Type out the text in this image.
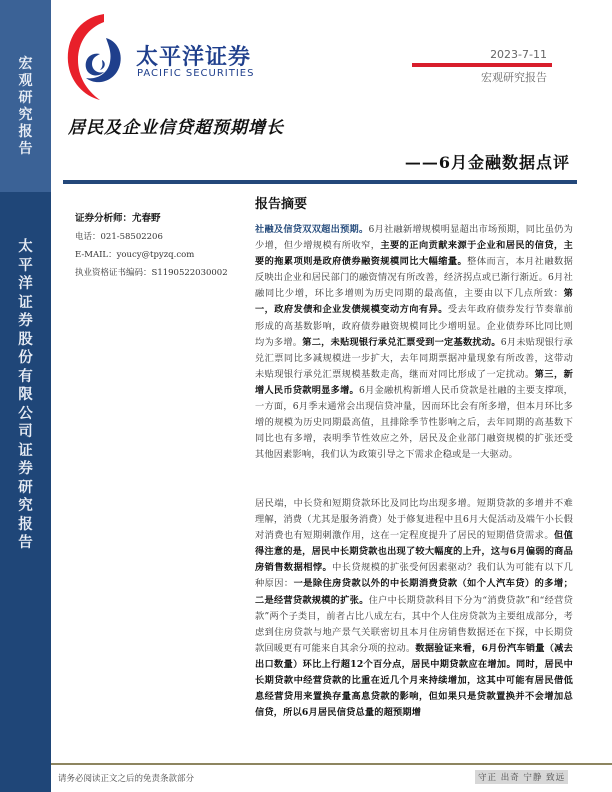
宏
观
研
究
报
告
太
平
洋
证
券
股
份
有
限
公
司
证
券
研
究
报
告
太平洋证券
PACIFIC SECURITIES
2023-7-11
宏观研究报告
居民及企业信贷超预期增长
——6月金融数据点评
证券分析师：尤春野
电话：021-58502206
E-MAIL：youcy@tpyzq.com
执业资格证书编码：S1190522030002
报告摘要
社融及信贷双双超出预期。6月社融新增规模明显超出市场预期，同比虽仍为少增，但少增规模有所收窄，主要的正向贡献来源于企业和居民的信贷，主要的拖累项则是政府债券融资规模同比大幅缩量。整体而言，本月社融数据反映出企业和居民部门的融资情况有所改善，经济拐点或已渐行渐近。6月社融同比少增，环比多增则为历史同期的最高值，主要由以下几点所致：第一，政府发债和企业发债规模变动方向有异。受去年政府债券发行节奏靠前形成的高基数影响，政府债券融资规模同比少增明显。企业债券环比同比则均为多增。第二，未贴现银行承兑汇票受到一定基数扰动。6月未贴现银行承兑汇票同比多减规模进一步扩大，去年同期票据冲量现象有所改善，这带动未贴现银行承兑汇票规模基数走高，继而对同比形成了一定扰动。第三，新增人民币贷款明显多增。6月金融机构新增人民币贷款是社融的主要支撑项，一方面，6月季末通常会出现信贷冲量，因而环比会有所多增，但本月环比多增的规模为历史同期最高值，且排除季节性影响之后，去年同期的高基数下同比也有多增，表明季节性效应之外，居民及企业部门融资规模的扩张还受其他因素影响，我们认为政策引导之下需求企稳或是一大驱动。
居民端，中长贷和短期贷款环比及同比均出现多增。短期贷款的多增并不难理解，消费（尤其是服务消费）处于修复进程中且6月大促活动及端午小长假对消费也有短期刺激作用，这在一定程度提升了居民的短期借贷需求。但值得注意的是，居民中长期贷款也出现了较大幅度的上升，这与6月偏弱的商品房销售数据相悖。中长贷规模的扩张受何因素驱动？我们认为可能有以下几种原因：一是除住房贷款以外的中长期消费贷款（如个人汽车贷）的多增；二是经营贷款规模的扩张。住户中长期贷款科目下分为“消费贷款”和“经营贷款”两个子类目，前者占比八成左右，其中个人住房贷款为主要组成部分，考虑到住房贷款与地产景气关联密切且本月住房销售数据还在下探，中长期贷款回暖更有可能来自其余分项的拉动。数据验证来看，6月份汽车销量（减去出口数量）环比上行超12个百分点，居民中期贷款应在增加。同时，居民中长期贷款中经营贷款的比重在近几个月来持续增加，这其中可能有居民借低息经营贷用来置换存量高息贷款的影响，但如果只是贷款置换并不会增加总信贷，所以6月居民信贷总量的超预期增
请务必阅读正文之后的免责条款部分	守正 出奇 宁静 致远
